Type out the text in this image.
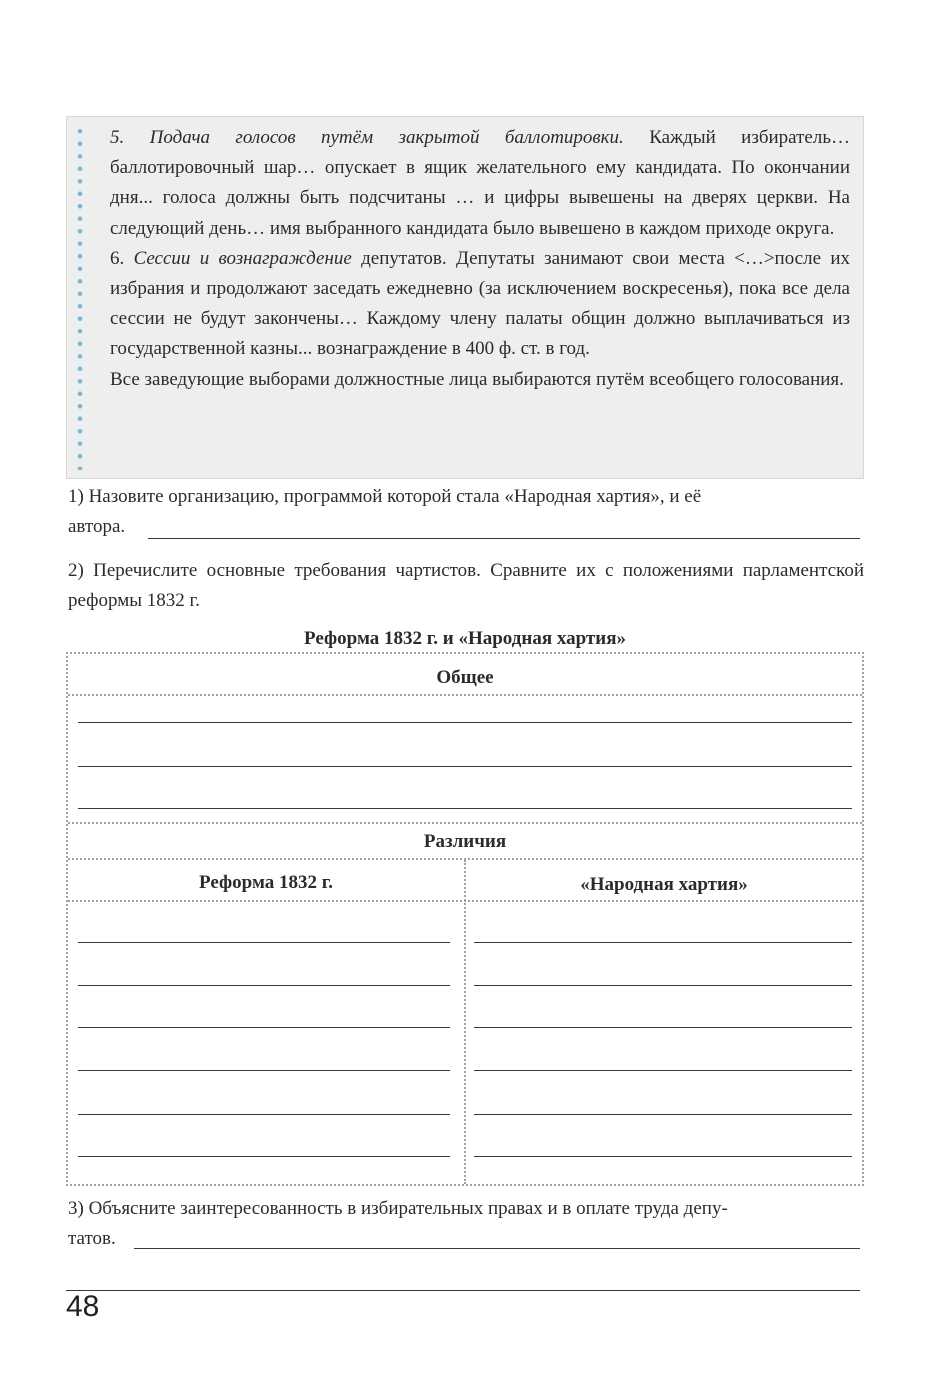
5. Подача голосов путём закрытой баллотировки. Каждый избиратель… баллотировочный шар… опускает в ящик желательного ему кандидата. По окончании дня... голоса должны быть подсчитаны … и цифры вывешены на дверях церкви. На следующий день… имя выбранного кандидата было вывешено в каждом приходе округа.

6. Сессии и вознаграждение депутатов. Депутаты занимают свои места <…>после их избрания и продолжают заседать ежедневно (за исключением воскресенья), пока все дела сессии не будут закончены… Каждому члену палаты общин должно выплачиваться из государственной казны... вознаграждение в 400 ф. ст. в год.

Все заведующие выборами должностные лица выбираются путём всеобщего голосования.

1) Назовите организацию, программой которой стала «Народная хартия», и её
автора.
2) Перечислите основные требования чартистов. Сравните их с положениями парламентской реформы 1832 г.
Реформа 1832 г. и «Народная хартия»
Общее
Различия
Реформа 1832 г.	«Народная хартия»
3) Объясните заинтересованность в избирательных правах и в оплате труда депу-
татов.
48
